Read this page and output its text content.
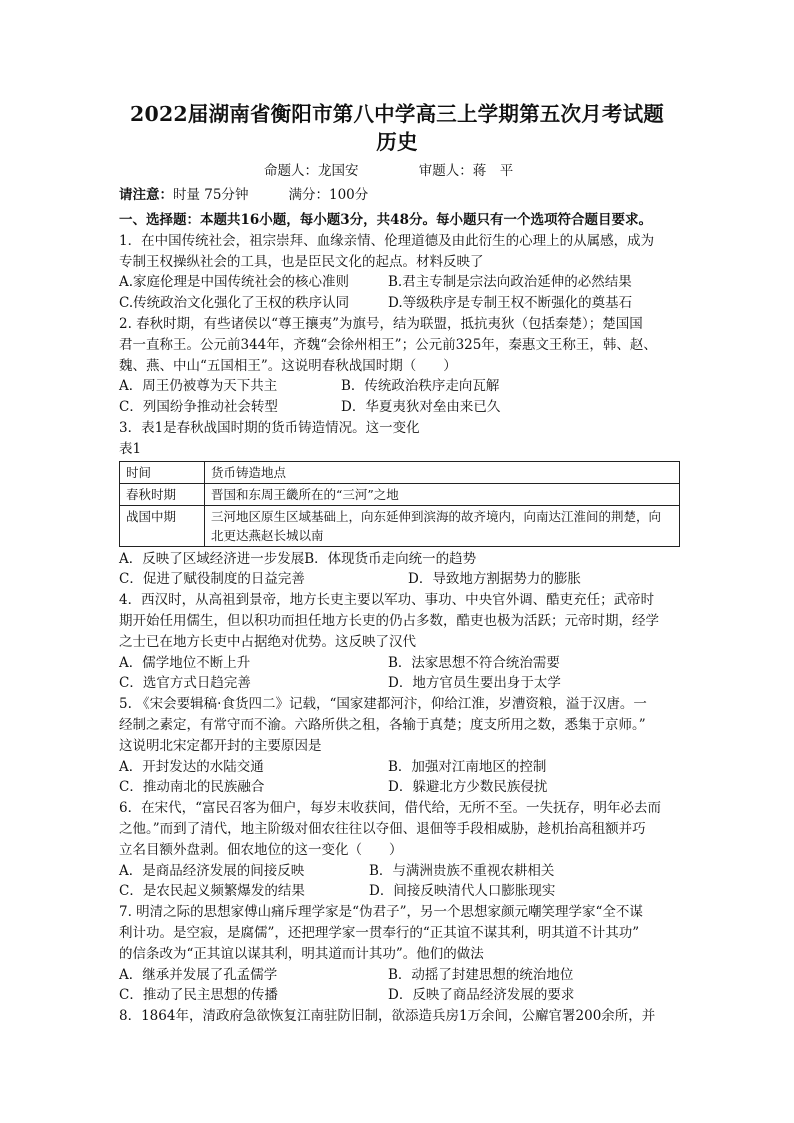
2022届湖南省衡阳市第八中学高三上学期第五次月考试题
历史
命题人：龙国安	审题人：蒋　平
请注意：时量 75分钟	满分：100分

一、选择题：本题共16小题，每小题3分，共48分。每小题只有一个选项符合题目要求。

1．在中国传统社会，祖宗崇拜、血缘亲情、伦理道德及由此衍生的心理上的从属感，成为

专制王权操纵社会的工具，也是臣民文化的起点。材料反映了

A.家庭伦理是中国传统社会的核心准则	B.君主专制是宗法向政治延伸的必然结果
C.传统政治文化强化了王权的秩序认同	D.等级秩序是专制王权不断强化的奠基石

2. 春秋时期，有些诸侯以“尊王攘夷”为旗号，结为联盟，抵抗夷狄（包括秦楚）；楚国国

君一直称王。公元前344年，齐魏“会徐州相王”；公元前325年，秦惠文王称王，韩、赵、

魏、燕、中山“五国相王”。这说明春秋战国时期（　　）

A．周王仍被尊为天下共主	B．传统政治秩序走向瓦解
C．列国纷争推动社会转型	D．华夏夷狄对垒由来已久

3．表1是春秋战国时期的货币铸造情况。这一变化

表1

时间	货币铸造地点
春秋时期	晋国和东周王畿所在的“三河”之地
战国中期	三河地区原生区域基础上，向东延伸到滨海的故齐境内，向南达江淮间的荆楚，向北更达燕赵长城以南
A．反映了区域经济进一步发展 B．体现货币走向统一的趋势
C．促进了赋役制度的日益完善	D．导致地方割据势力的膨胀

4．西汉时，从高祖到景帝，地方长吏主要以军功、事功、中央官外调、酷吏充任；武帝时

期开始任用儒生，但以积功而担任地方长吏的仍占多数，酷吏也极为活跃；元帝时期，经学

之士已在地方长吏中占据绝对优势。这反映了汉代

A．儒学地位不断上升	B．法家思想不符合统治需要
C．选官方式日趋完善	D．地方官员生要出身于太学

5. 《宋会要辑稿·食货四二》记载，“国家建都河汴，仰给江淮，岁漕资粮，溢于汉唐。一

经制之素定，有常守而不渝。六路所供之租，各输于真楚；度支所用之数，悉集于京师。”

这说明北宋定都开封的主要原因是

A．开封发达的水陆交通	B．加强对江南地区的控制
C．推动南北的民族融合	D．躲避北方少数民族侵扰

6．在宋代，“富民召客为佃户，每岁末收获间，借代给，无所不至。一失抚存，明年必去而

之他。”而到了清代，地主阶级对佃农往往以夺佃、退佃等手段相威胁，趁机抬高租额并巧

立名目额外盘剥。佃农地位的这一变化（　　）

A．是商品经济发展的间接反映	B．与满洲贵族不重视农耕相关
C．是农民起义频繁爆发的结果	D．间接反映清代人口膨胀现实

7. 明清之际的思想家傅山痛斥理学家是“伪君子”，另一个思想家颜元嘲笑理学家“全不谋

利计功。是空寂，是腐儒”，还把理学家一贯奉行的“正其谊不谋其利，明其道不计其功”

的信条改为“正其谊以谋其利，明其道而计其功”。他们的做法

A．继承并发展了孔孟儒学	B．动摇了封建思想的统治地位
C．推动了民主思想的传播	D．反映了商品经济发展的要求

8．1864年，清政府急欲恢复江南驻防旧制，欲添造兵房1万余间，公廨官署200余所，并
